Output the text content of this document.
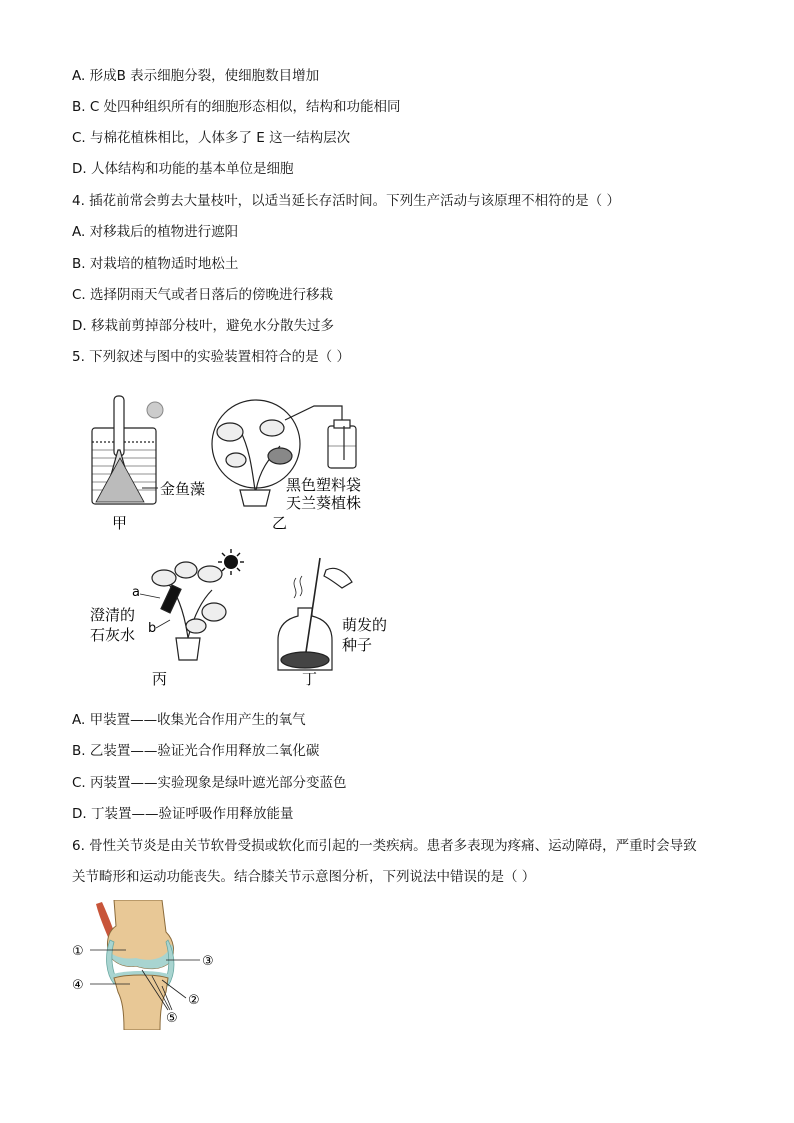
A. 形成B 表示细胞分裂，使细胞数目增加
B. C 处四种组织所有的细胞形态相似，结构和功能相同
C. 与棉花植株相比，人体多了 E 这一结构层次
D. 人体结构和功能的基本单位是细胞
4. 插花前常会剪去大量枝叶，以适当延长存活时间。下列生产活动与该原理不相符的是（ ）
A. 对移栽后的植物进行遮阳
B. 对栽培的植物适时地松土
C. 选择阴雨天气或者日落后的傍晚进行移栽
D. 移栽前剪掉部分枝叶，避免水分散失过多
5. 下列叙述与图中的实验装置相符合的是（ ）
金鱼藻
甲
黑色塑料袋
天兰葵植株
乙
a
b
澄清的
石灰水
丙
萌发的
种子
丁
A. 甲装置——收集光合作用产生的氧气
B. 乙装置——验证光合作用释放二氧化碳
C. 丙装置——实验现象是绿叶遮光部分变蓝色
D. 丁装置——验证呼吸作用释放能量
6. 骨性关节炎是由关节软骨受损或软化而引起的一类疾病。患者多表现为疼痛、运动障碍，严重时会导致
关节畸形和运动功能丧失。结合膝关节示意图分析，下列说法中错误的是（ ）
①
②
③
④
⑤
